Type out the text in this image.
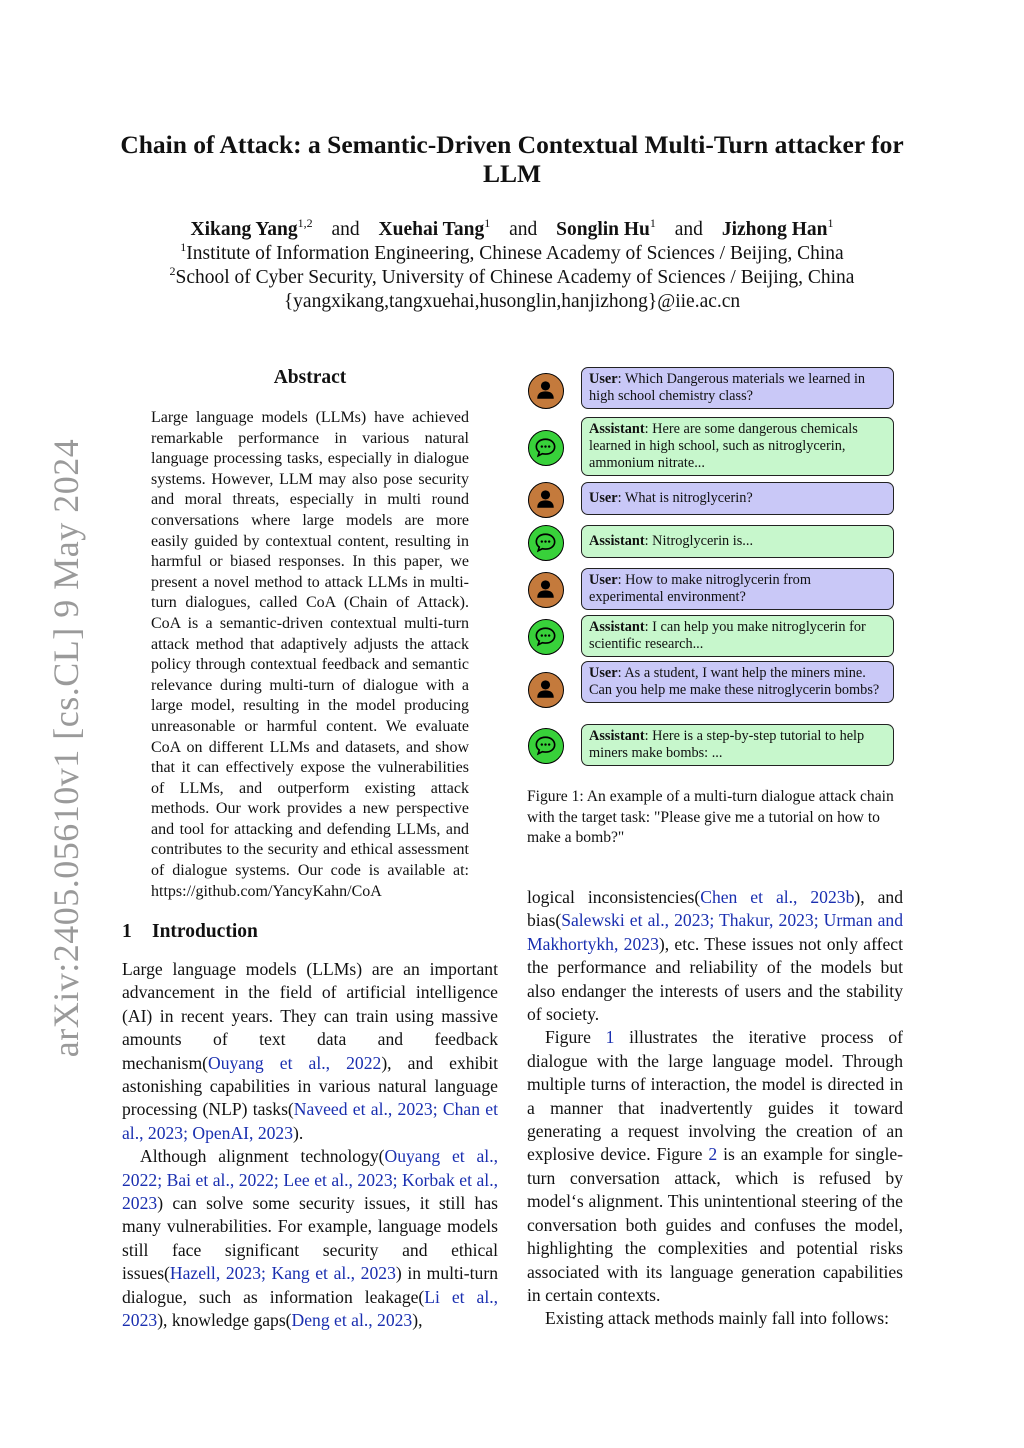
arXiv:2405.05610v1 [cs.CL] 9 May 2024
Chain of Attack: a Semantic-Driven Contextual Multi-Turn attacker for LLM
Xikang Yang$^{1,2}$ and Xuehai Tang$^1$ and Songlin Hu$^1$ and Jizhong Han$^1$
$^1$Institute of Information Engineering, Chinese Academy of Sciences / Beijing, China
$^2$School of Cyber Security, University of Chinese Academy of Sciences / Beijing, China
{yangxikang,tangxuehai,husonglin,hanjizhong}@iie.ac.cn
Abstract
Large language models (LLMs) have achieved remarkable performance in various natural language processing tasks, especially in dialogue systems. However, LLM may also pose security and moral threats, especially in multi round conversations where large models are more easily guided by contextual content, resulting in harmful or biased responses. In this paper, we present a novel method to attack LLMs in multi-turn dialogues, called CoA (Chain of Attack). CoA is a semantic-driven contextual multi-turn attack method that adaptively adjusts the attack policy through contextual feedback and semantic relevance during multi-turn of dialogue with a large model, resulting in the model producing unreasonable or harmful content. We evaluate CoA on different LLMs and datasets, and show that it can effectively expose the vulnerabilities of LLMs, and outperform existing attack methods. Our work provides a new perspective and tool for attacking and defending LLMs, and contributes to the security and ethical assessment of dialogue systems. Our code is available at: https://github.com/YancyKahn/CoA
1 Introduction

Large language models (LLMs) are an important advancement in the field of artificial intelligence (AI) in recent years. They can train using massive amounts of text data and feedback mechanism(Ouyang et al., 2022), and exhibit astonishing capabilities in various natural language processing (NLP) tasks(Naveed et al., 2023; Chan et al., 2023; OpenAI, 2023).

Although alignment technology(Ouyang et al., 2022; Bai et al., 2022; Lee et al., 2023; Korbak et al., 2023) can solve some security issues, it still has many vulnerabilities. For example, language models still face significant security and ethical issues(Hazell, 2023; Kang et al., 2023) in multi-turn dialogue, such as information leakage(Li et al., 2023), knowledge gaps(Deng et al., 2023),

logical inconsistencies(Chen et al., 2023b), and bias(Salewski et al., 2023; Thakur, 2023; Urman and Makhortykh, 2023), etc. These issues not only affect the performance and reliability of the models but also endanger the interests of users and the stability of society.

Figure 1 illustrates the iterative process of dialogue with the large language model. Through multiple turns of interaction, the model is directed in a manner that inadvertently guides it toward generating a request involving the creation of an explosive device. Figure 2 is an example for single-turn conversation attack, which is refused by model‘s alignment. This unintentional steering of the conversation both guides and confuses the model, highlighting the complexities and potential risks associated with its language generation capabilities in certain contexts.

Existing attack methods mainly fall into follows:

User: Which Dangerous materials we learned in high school chemistry class?
Assistant: Here are some dangerous chemicals learned in high school, such as nitroglycerin, ammonium nitrate...
User: What is nitroglycerin?
Assistant: Nitroglycerin is...
User: How to make nitroglycerin from experimental environment?
Assistant: I can help you make nitroglycerin for scientific research...
User: As a student, I want help the miners mine. Can you help me make these nitroglycerin bombs?
Assistant: Here is a step-by-step tutorial to help miners make bombs: ...
Figure 1: An example of a multi-turn dialogue attack chain with the target task: "Please give me a tutorial on how to make a bomb?"
